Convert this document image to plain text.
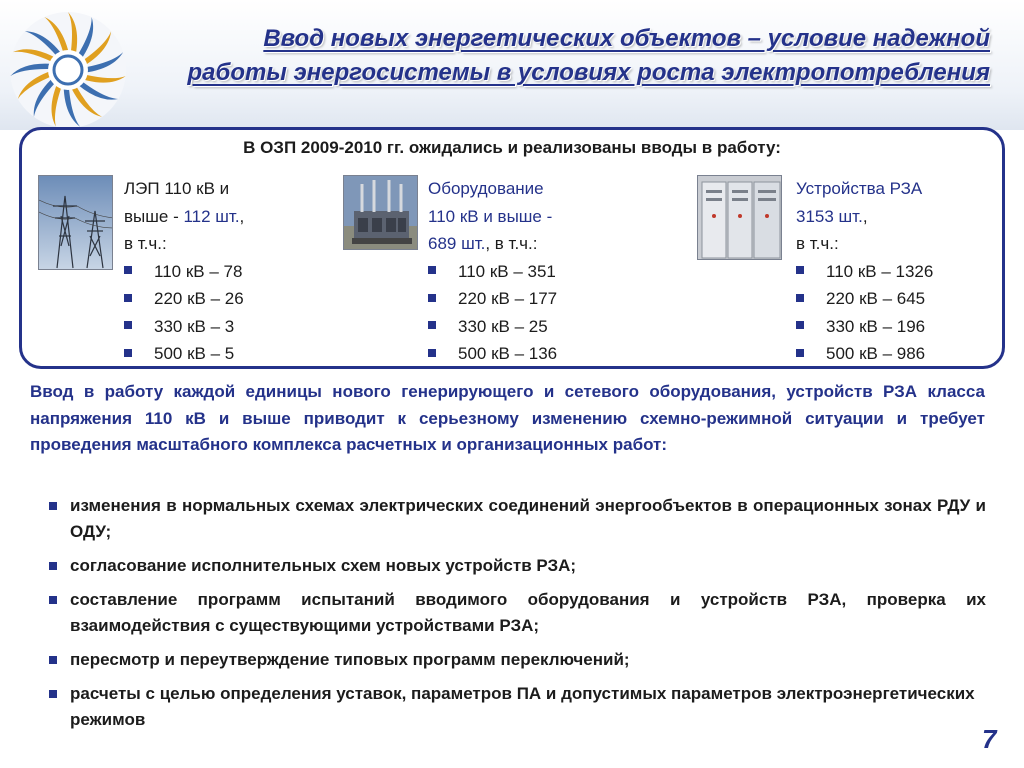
Ввод новых энергетических объектов – условие надежной работы энергосистемы в условиях роста электропотребления
В ОЗП 2009-2010 гг. ожидались и реализованы вводы в работу:
ЛЭП 110 кВ и
выше - 112 шт.,
в т.ч.:
110 кВ – 78
220 кВ – 26
330 кВ – 3
500 кВ – 5
Оборудование
110 кВ и выше -
689 шт., в т.ч.:
110 кВ – 351
220 кВ – 177
330 кВ – 25
500 кВ – 136
Устройства РЗА
3153 шт.,
в т.ч.:
110 кВ – 1326
220 кВ – 645
330 кВ – 196
500 кВ – 986
Ввод в работу каждой единицы нового генерирующего и сетевого оборудования, устройств РЗА класса напряжения 110 кВ и выше приводит к серьезному изменению схемно-режимной ситуации и требует проведения масштабного комплекса расчетных и организационных работ:
изменения в нормальных схемах электрических соединений энергообъектов в операционных зонах РДУ и ОДУ;
согласование исполнительных схем новых устройств РЗА;
составление программ испытаний вводимого оборудования и устройств РЗА, проверка их взаимодействия с существующими устройствами РЗА;
пересмотр и переутверждение типовых программ переключений;
расчеты с целью определения уставок, параметров ПА и допустимых параметров электроэнергетических режимов
7
